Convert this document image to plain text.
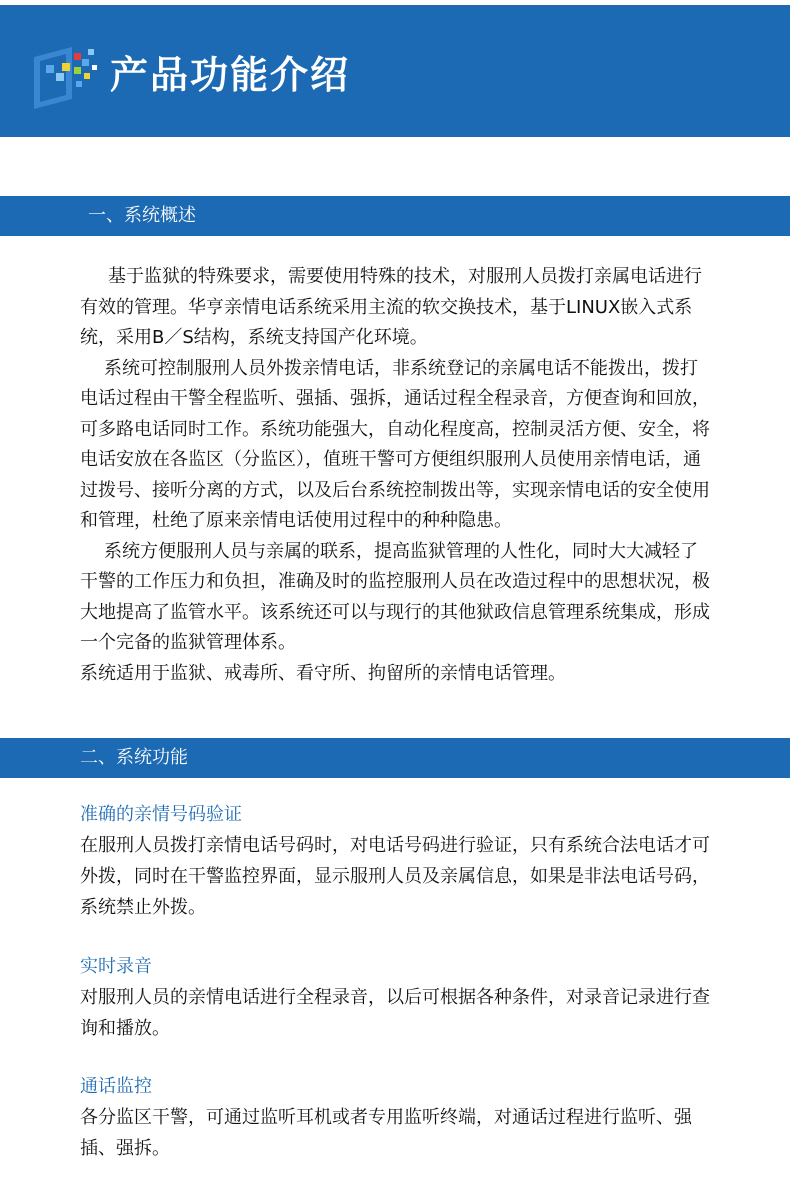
产品功能介绍
一、系统概述

基于监狱的特殊要求，需要使用特殊的技术，对服刑人员拨打亲属电话进行有效的管理。华亨亲情电话系统采用主流的软交换技术，基于LINUX嵌入式系统，采用B／S结构，系统支持国产化环境。

系统可控制服刑人员外拨亲情电话，非系统登记的亲属电话不能拨出，拨打电话过程由干警全程监听、强插、强拆，通话过程全程录音，方便查询和回放，可多路电话同时工作。系统功能强大，自动化程度高，控制灵活方便、安全，将电话安放在各监区（分监区），值班干警可方便组织服刑人员使用亲情电话，通过拨号、接听分离的方式，以及后台系统控制拨出等，实现亲情电话的安全使用和管理，杜绝了原来亲情电话使用过程中的种种隐患。

系统方便服刑人员与亲属的联系，提高监狱管理的人性化，同时大大减轻了干警的工作压力和负担，准确及时的监控服刑人员在改造过程中的思想状况，极大地提高了监管水平。该系统还可以与现行的其他狱政信息管理系统集成，形成一个完备的监狱管理体系。

系统适用于监狱、戒毒所、看守所、拘留所的亲情电话管理。

二、系统功能

准确的亲情号码验证

在服刑人员拨打亲情电话号码时，对电话号码进行验证，只有系统合法电话才可外拨，同时在干警监控界面，显示服刑人员及亲属信息，如果是非法电话号码，系统禁止外拨。

实时录音

对服刑人员的亲情电话进行全程录音，以后可根据各种条件，对录音记录进行查询和播放。

通话监控

各分监区干警，可通过监听耳机或者专用监听终端，对通话过程进行监听、强插、强拆。
